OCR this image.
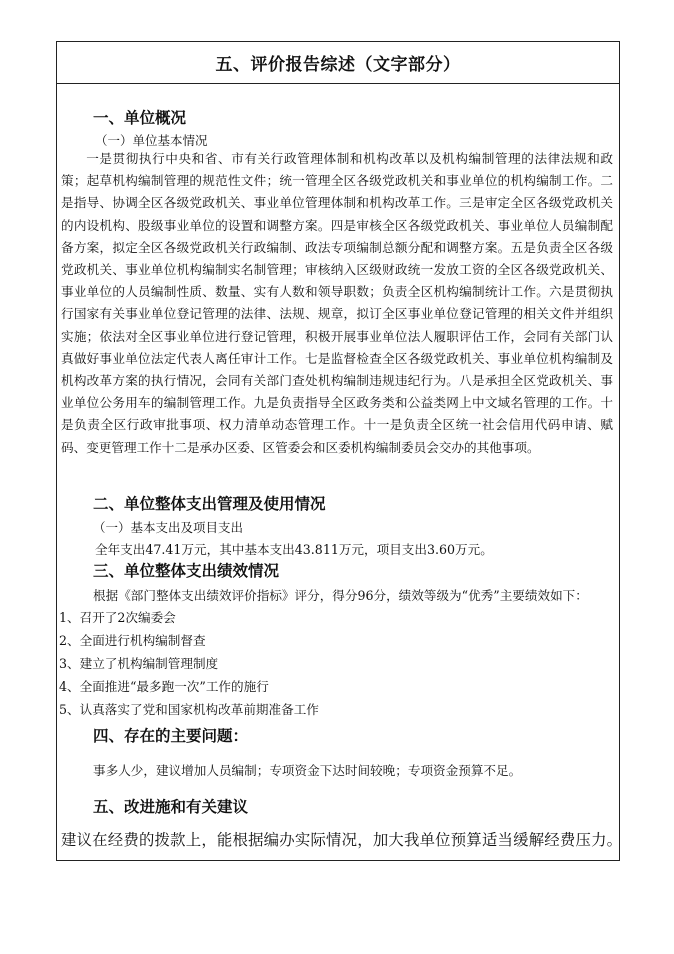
五、评价报告综述（文字部分）
一、单位概况
（一）单位基本情况
一是贯彻执行中央和省、市有关行政管理体制和机构改革以及机构编制管理的法律法规和政策；起草机构编制管理的规范性文件；统一管理全区各级党政机关和事业单位的机构编制工作。二是指导、协调全区各级党政机关、事业单位管理体制和机构改革工作。三是审定全区各级党政机关的内设机构、股级事业单位的设置和调整方案。四是审核全区各级党政机关、事业单位人员编制配备方案，拟定全区各级党政机关行政编制、政法专项编制总额分配和调整方案。五是负责全区各级党政机关、事业单位机构编制实名制管理；审核纳入区级财政统一发放工资的全区各级党政机关、事业单位的人员编制性质、数量、实有人数和领导职数；负责全区机构编制统计工作。六是贯彻执行国家有关事业单位登记管理的法律、法规、规章，拟订全区事业单位登记管理的相关文件并组织实施；依法对全区事业单位进行登记管理，积极开展事业单位法人履职评估工作，会同有关部门认真做好事业单位法定代表人离任审计工作。七是监督检查全区各级党政机关、事业单位机构编制及机构改革方案的执行情况，会同有关部门查处机构编制违规违纪行为。八是承担全区党政机关、事业单位公务用车的编制管理工作。九是负责指导全区政务类和公益类网上中文域名管理的工作。十是负责全区行政审批事项、权力清单动态管理工作。十一是负责全区统一社会信用代码申请、赋码、变更管理工作十二是承办区委、区管委会和区委机构编制委员会交办的其他事项。
二、单位整体支出管理及使用情况
（一）基本支出及项目支出
全年支出47.41万元，其中基本支出43.811万元，项目支出3.60万元。
三、单位整体支出绩效情况
根据《部门整体支出绩效评价指标》评分，得分96分，绩效等级为“优秀”主要绩效如下：
1、召开了2次编委会
2、全面进行机构编制督查
3、建立了机构编制管理制度
4、全面推进“最多跑一次”工作的施行
5、认真落实了党和国家机构改革前期准备工作
四、存在的主要问题：
事多人少，建议增加人员编制；专项资金下达时间较晚；专项资金预算不足。
五、改进施和有关建议
建议在经费的拨款上，能根据编办实际情况，加大我单位预算适当缓解经费压力。
